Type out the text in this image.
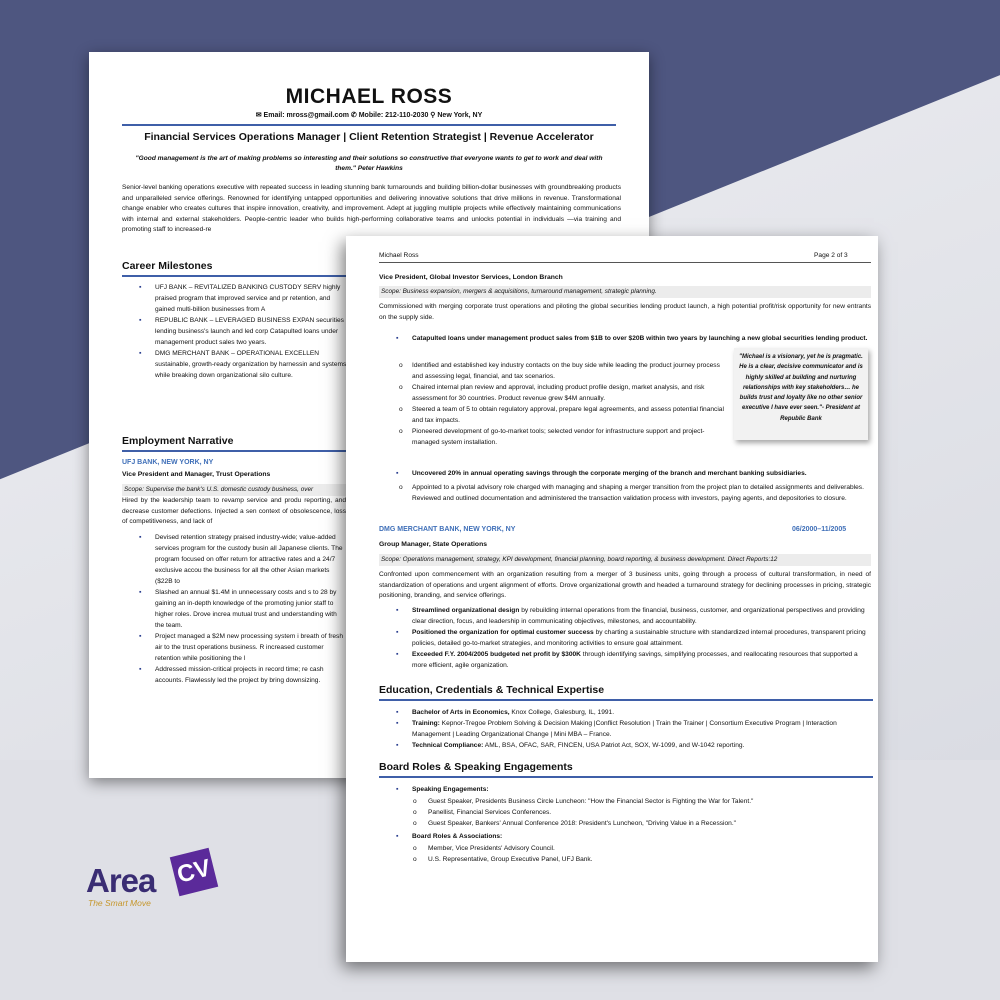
MICHAEL ROSS
✉ Email: mross@gmail.com ✆ Mobile: 212-110-2030 ⚲ New York, NY
Financial Services Operations Manager | Client Retention Strategist | Revenue Accelerator
"Good management is the art of making problems so interesting and their solutions so constructive that everyone wants to get to work and deal with them." Peter Hawkins
Senior-level banking operations executive with repeated success in leading stunning bank turnarounds and building billion-dollar businesses with groundbreaking products and unparalleled service offerings. Renowned for identifying untapped opportunities and delivering innovative solutions that drive millions in revenue. Transformational change enabler who creates cultures that inspire innovation, creativity, and improvement. Adept at juggling multiple projects while effectively maintaining communications with internal and external stakeholders. People-centric leader who builds high-performing collaborative teams and unlocks potential in individuals —via training and promoting staff to increased-re
Career Milestones
▪ UFJ BANK – REVITALIZED BANKING CUSTODY SERV highly praised program that improved service and pr retention, and gained multi-billion businesses from A
▪ REPUBLIC BANK – LEVERAGED BUSINESS EXPAN securities lending business's launch and led corp Catapulted loans under management product sales two years.
▪ DMG MERCHANT BANK – OPERATIONAL EXCELLEN sustainable, growth-ready organization by harnessin and systems while breaking down organizational silo culture.
Employment Narrative
UFJ BANK, NEW YORK, NY
Vice President and Manager, Trust Operations
Scope: Supervise the bank's U.S. domestic custody business, over
Hired by the leadership team to revamp service and produ reporting, and decrease customer defections. Injected a sen context of obsolescence, loss of competitiveness, and lack of
▪ Devised retention strategy praised industry-wide; value-added services program for the custody busin all Japanese clients. The program focused on offer return for attractive rates and a 24/7 exclusive accou the business for all the other Asian markets ($22B to
▪ Slashed an annual $1.4M in unnecessary costs and s to 28 by gaining an in-depth knowledge of the promoting junior staff to higher roles. Drove increa mutual trust and understanding with the team.
▪ Project managed a $2M new processing system i breath of fresh air to the trust operations business. R increased customer retention while positioning the l
▪ Addressed mission-critical projects in record time; re cash accounts. Flawlessly led the project by bring downsizing.
Michael Ross	Page 2 of 3
Vice President, Global Investor Services, London Branch
Scope: Business expansion, mergers & acquisitions, turnaround management, strategic planning.
Commissioned with merging corporate trust operations and piloting the global securities lending product launch, a high potential profit/risk opportunity for new entrants on the supply side.
▪ Catapulted loans under management product sales from $1B to over $20B within two years by launching a new global securities lending product.
o Identified and established key industry contacts on the buy side while leading the product journey process and assessing legal, financial, and tax scenarios.
o Chaired internal plan review and approval, including product profile design, market analysis, and risk assessment for 30 countries. Product revenue grew $4M annually.
o Steered a team of 5 to obtain regulatory approval, prepare legal agreements, and assess potential financial and tax impacts.
o Pioneered development of go-to-market tools; selected vendor for infrastructure support and project-managed system installation.
"Michael is a visionary, yet he is pragmatic. He is a clear, decisive communicator and is highly skilled at building and nurturing relationships with key stakeholders… he builds trust and loyalty like no other senior executive I have ever seen."- President at Republic Bank
▪ Uncovered 20% in annual operating savings through the corporate merging of the branch and merchant banking subsidiaries.
o Appointed to a pivotal advisory role charged with managing and shaping a merger transition from the project plan to detailed assignments and deliverables. Reviewed and outlined documentation and administered the transaction validation process with investors, paying agents, and depositories to closure.
DMG MERCHANT BANK, NEW YORK, NY	06/2000–11/2005
Group Manager, State Operations
Scope: Operations management, strategy, KPI development, financial planning, board reporting, & business development. Direct Reports:12
Confronted upon commencement with an organization resulting from a merger of 3 business units, going through a process of cultural transformation, in need of standardization of operations and urgent alignment of efforts. Drove organizational growth and headed a turnaround strategy for declining processes in pricing, strategic positioning, branding, and service offerings.
▪ Streamlined organizational design by rebuilding internal operations from the financial, business, customer, and organizational perspectives and providing clear direction, focus, and leadership in communicating objectives, milestones, and accountability.
▪ Positioned the organization for optimal customer success by charting a sustainable structure with standardized internal procedures, transparent pricing policies, detailed go-to-market strategies, and monitoring activities to ensure goal attainment.
▪ Exceeded F.Y. 2004/2005 budgeted net profit by $300K through identifying savings, simplifying processes, and reallocating resources that supported a more efficient, agile organization.
Education, Credentials & Technical Expertise
▪ Bachelor of Arts in Economics, Knox College, Galesburg, IL, 1991.
▪ Training: Kepnor-Tregoe Problem Solving & Decision Making |Conflict Resolution | Train the Trainer | Consortium Executive Program | Interaction Management | Leading Organizational Change | Mini MBA – France.
▪ Technical Compliance: AML, BSA, OFAC, SAR, FINCEN, USA Patriot Act, SOX, W-1099, and W-1042 reporting.
Board Roles & Speaking Engagements
▪ Speaking Engagements:
o Guest Speaker, Presidents Business Circle Luncheon: "How the Financial Sector is Fighting the War for Talent."
o Panellist, Financial Services Conferences.
o Guest Speaker, Bankers' Annual Conference 2018: President's Luncheon, "Driving Value in a Recession."
▪ Board Roles & Associations:
o Member, Vice Presidents' Advisory Council.
o U.S. Representative, Group Executive Panel, UFJ Bank.
Area CV
The Smart Move
